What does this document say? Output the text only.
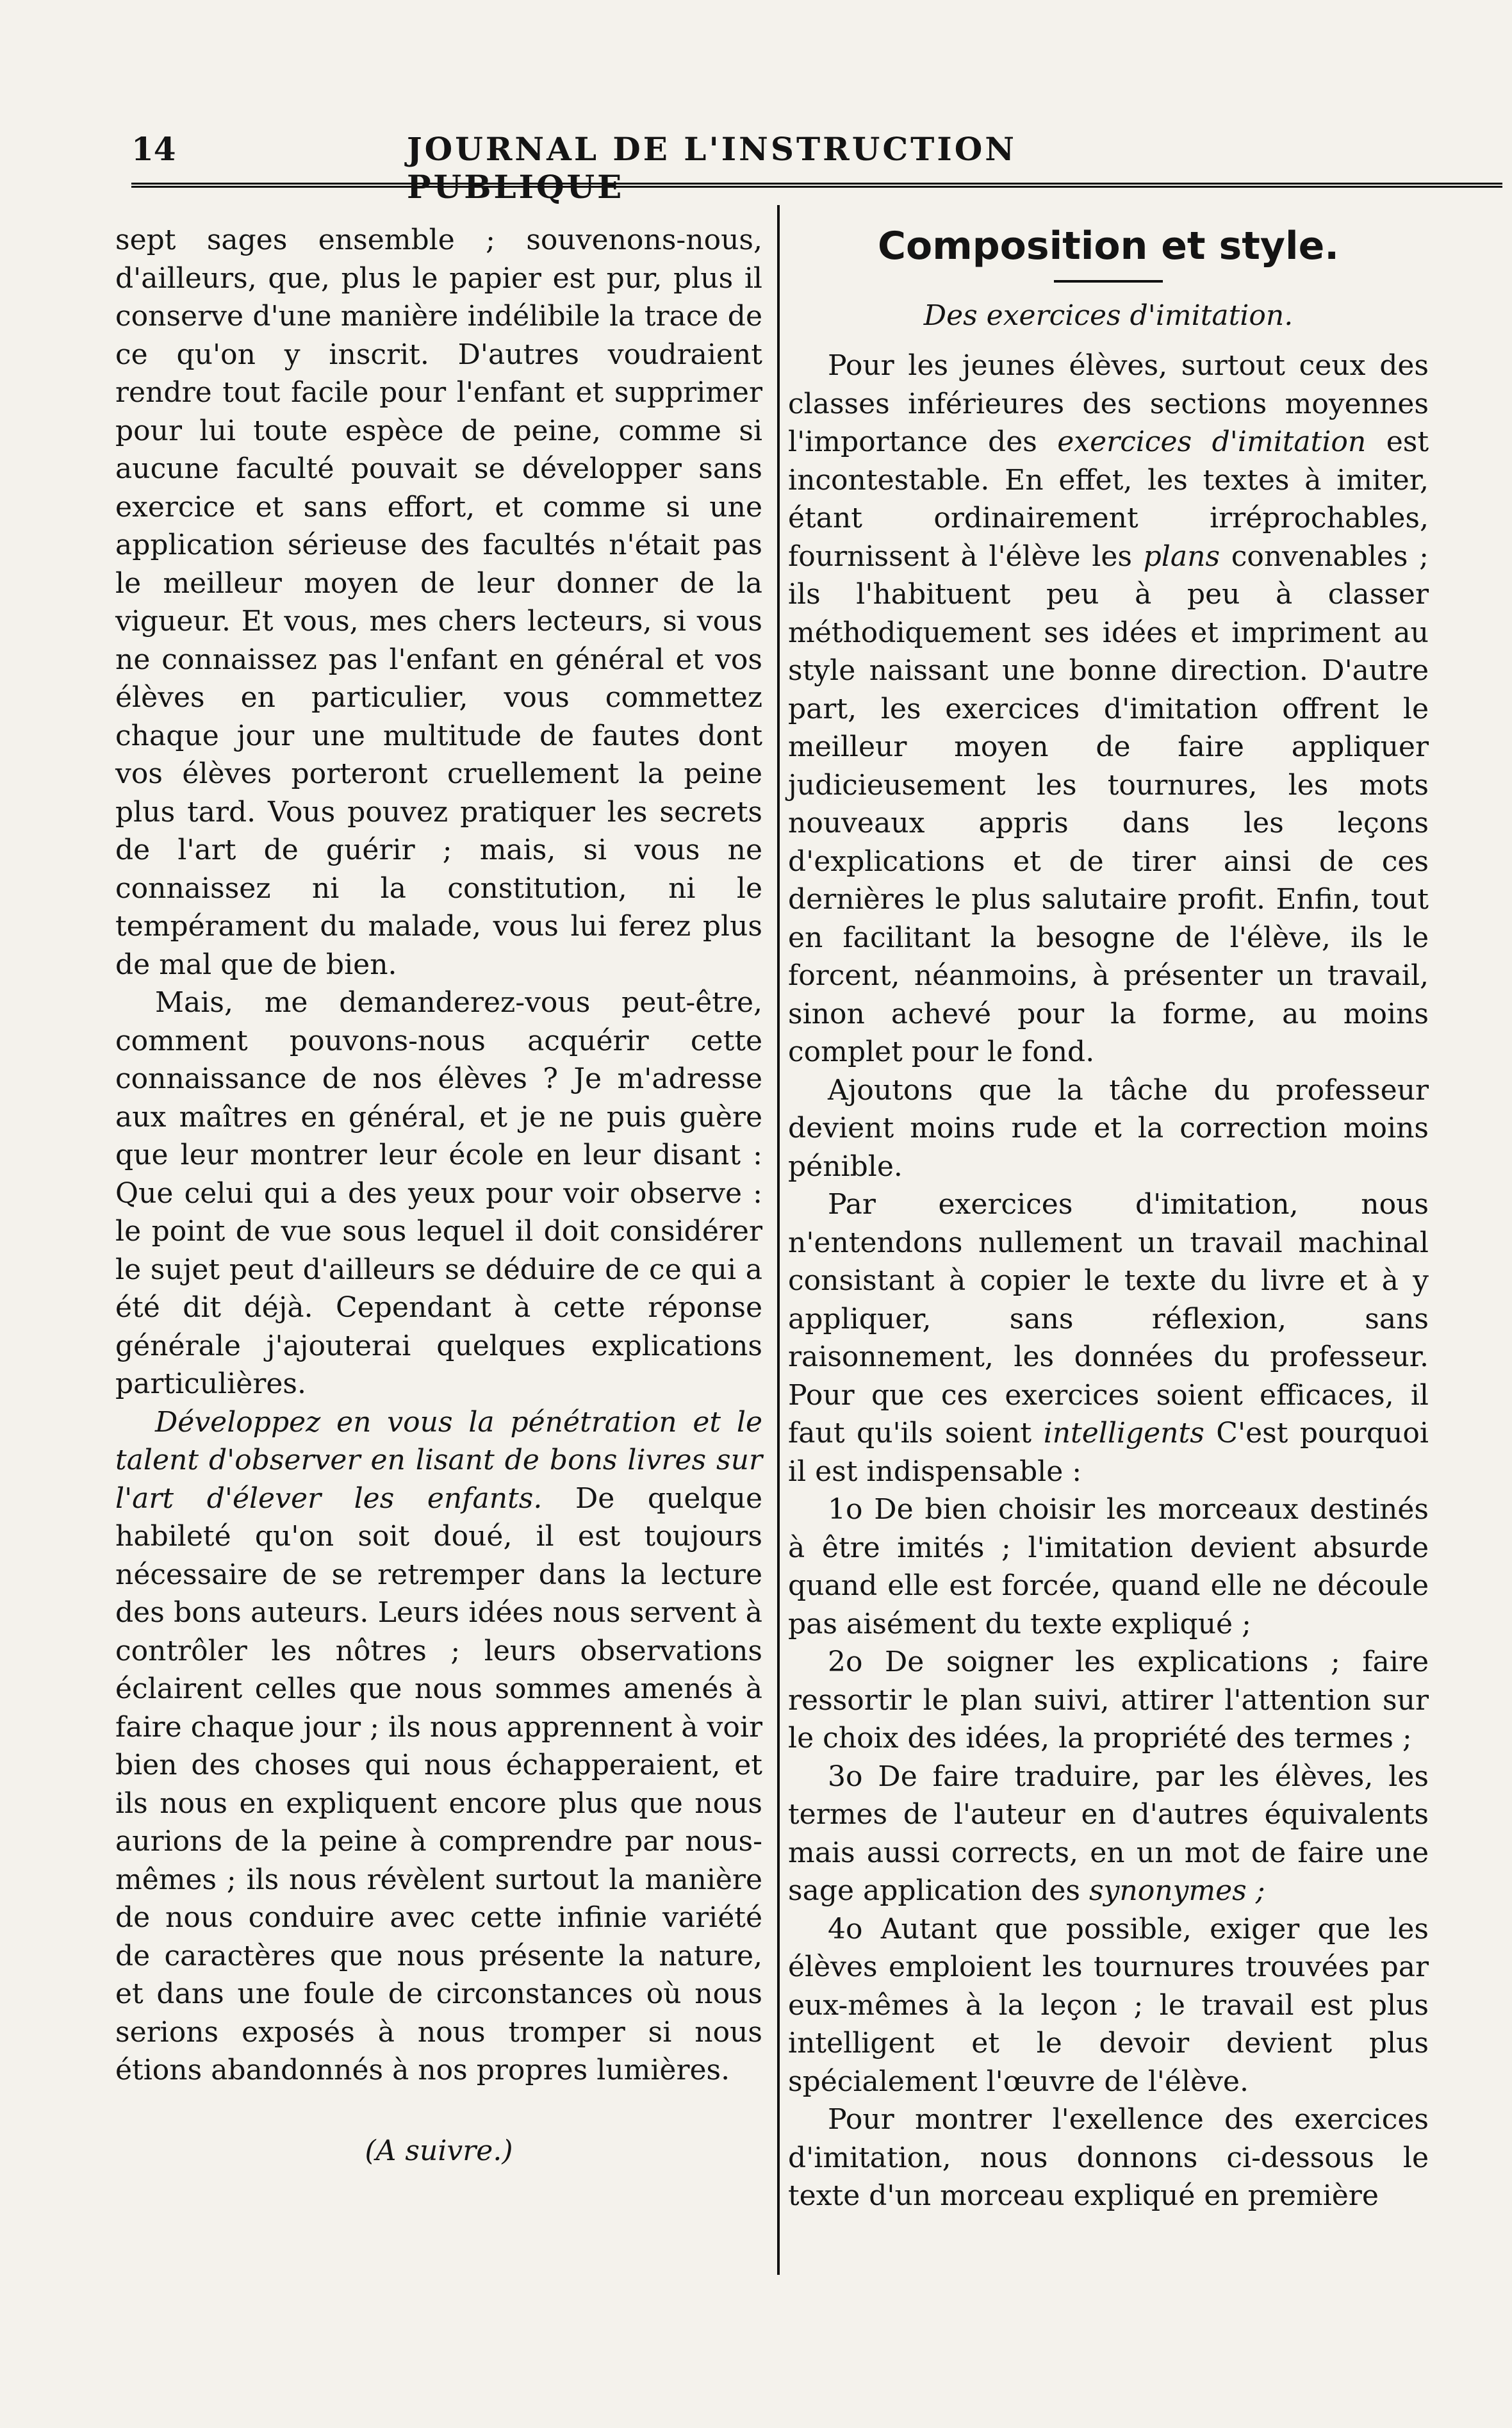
14	JOURNAL DE L'INSTRUCTION PUBLIQUE

sept sages ensemble ; souvenons-nous, d'ailleurs, que, plus le papier est pur, plus il conserve d'une manière indélibile la trace de ce qu'on y inscrit. D'autres voudraient rendre tout facile pour l'enfant et supprimer pour lui toute espèce de peine, comme si aucune faculté pouvait se développer sans exercice et sans effort, et comme si une application sérieuse des facultés n'était pas le meilleur moyen de leur donner de la vigueur. Et vous, mes chers lecteurs, si vous ne connaissez pas l'enfant en général et vos élèves en particulier, vous commettez chaque jour une multitude de fautes dont vos élèves porteront cruellement la peine plus tard. Vous pouvez pratiquer les secrets de l'art de guérir ; mais, si vous ne connaissez ni la constitution, ni le tempérament du malade, vous lui ferez plus de mal que de bien.

Mais, me demanderez-vous peut-être, comment pouvons-nous acquérir cette connaissance de nos élèves ? Je m'adresse aux maîtres en général, et je ne puis guère que leur montrer leur école en leur disant : Que celui qui a des yeux pour voir observe : le point de vue sous lequel il doit considérer le sujet peut d'ailleurs se déduire de ce qui a été dit déjà. Cependant à cette réponse générale j'ajouterai quelques explications particulières.

Développez en vous la pénétration et le talent d'observer en lisant de bons livres sur l'art d'élever les enfants. De quelque habileté qu'on soit doué, il est toujours nécessaire de se retremper dans la lecture des bons auteurs. Leurs idées nous servent à contrôler les nôtres ; leurs observations éclairent celles que nous sommes amenés à faire chaque jour ; ils nous apprennent à voir bien des choses qui nous échapperaient, et ils nous en expliquent encore plus que nous aurions de la peine à comprendre par nous-mêmes ; ils nous révèlent surtout la manière de nous conduire avec cette infinie variété de caractères que nous présente la nature, et dans une foule de circonstances où nous serions exposés à nous tromper si nous étions abandonnés à nos propres lumières.

(A suivre.)
Composition et style.
Des exercices d'imitation.

Pour les jeunes élèves, surtout ceux des classes inférieures des sections moyennes l'importance des exercices d'imitation est incontestable. En effet, les textes à imiter, étant ordinairement irréprochables, fournissent à l'élève les plans convenables ; ils l'habituent peu à peu à classer méthodiquement ses idées et impriment au style naissant une bonne direction. D'autre part, les exercices d'imitation offrent le meilleur moyen de faire appliquer judicieusement les tournures, les mots nouveaux appris dans les leçons d'explications et de tirer ainsi de ces dernières le plus salutaire profit. Enfin, tout en facilitant la besogne de l'élève, ils le forcent, néanmoins, à présenter un travail, sinon achevé pour la forme, au moins complet pour le fond.

Ajoutons que la tâche du professeur devient moins rude et la correction moins pénible.

Par exercices d'imitation, nous n'entendons nullement un travail machinal consistant à copier le texte du livre et à y appliquer, sans réflexion, sans raisonnement, les données du professeur. Pour que ces exercices soient efficaces, il faut qu'ils soient intelligents C'est pourquoi il est indispensable :

1o De bien choisir les morceaux destinés à être imités ; l'imitation devient absurde quand elle est forcée, quand elle ne découle pas aisément du texte expliqué ;

2o De soigner les explications ; faire ressortir le plan suivi, attirer l'attention sur le choix des idées, la propriété des termes ;

3o De faire traduire, par les élèves, les termes de l'auteur en d'autres équivalents mais aussi corrects, en un mot de faire une sage application des synonymes ;

4o Autant que possible, exiger que les élèves emploient les tournures trouvées par eux-mêmes à la leçon ; le travail est plus intelligent et le devoir devient plus spécialement l'œuvre de l'élève.

Pour montrer l'exellence des exercices d'imitation, nous donnons ci-dessous le texte d'un morceau expliqué en première
